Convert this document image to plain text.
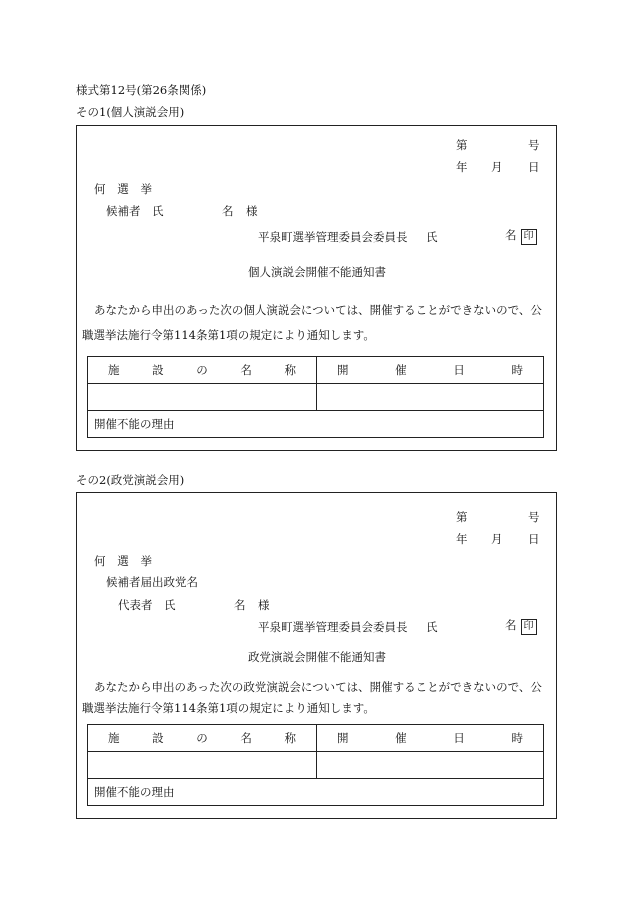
様式第12号(第26条関係)
その1(個人演説会用)
第	号
年 月 日
何 選 挙
候補者 氏	名 様
平泉町選挙管理委員会委員長 氏	名 印
個人演説会開催不能通知書
あなたから申出のあった次の個人演説会については、開催することができないので、公
職選挙法施行令第114条第1項の規定により通知します。
施 設 の 名 称	開 催 日 時

開催不能の理由	
その2(政党演説会用)
第	号
年 月 日
何 選 挙
候補者届出政党名
代表者 氏	名 様
平泉町選挙管理委員会委員長 氏	名 印
政党演説会開催不能通知書
あなたから申出のあった次の政党演説会については、開催することができないので、公
職選挙法施行令第114条第1項の規定により通知します。
施 設 の 名 称	開 催 日 時

開催不能の理由	
